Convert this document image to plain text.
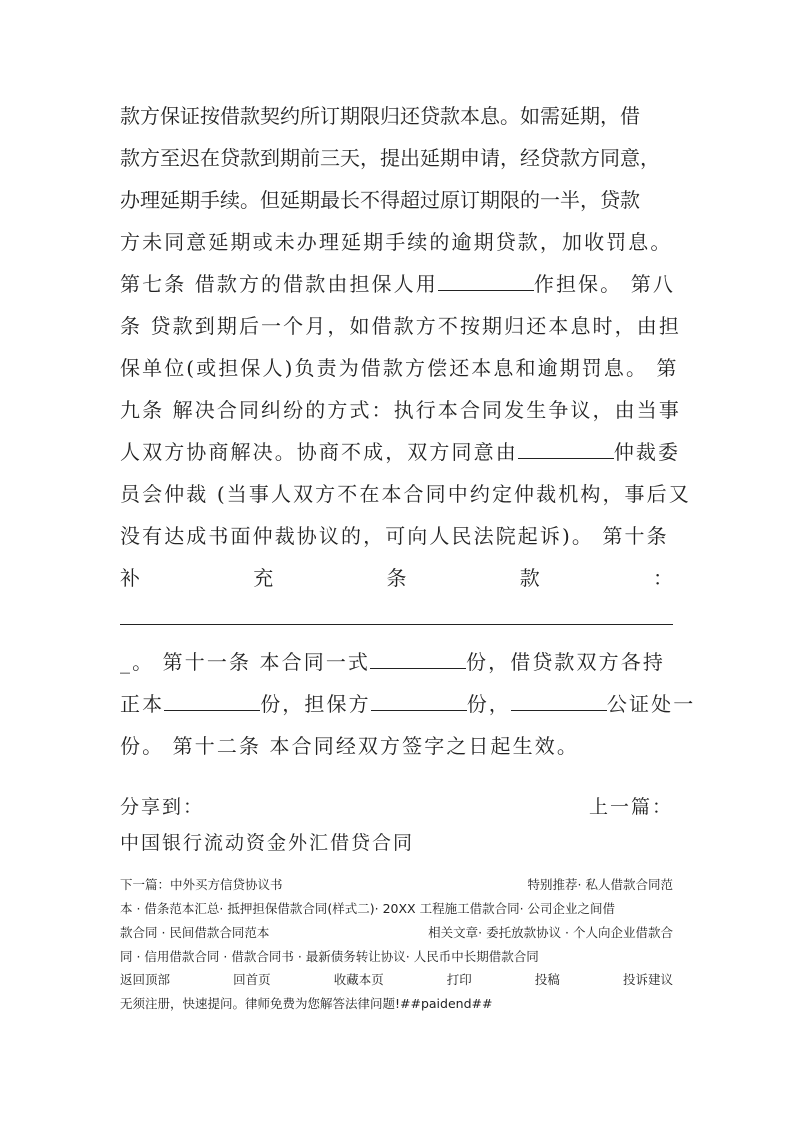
款方保证按借款契约所订期限归还贷款本息。如需延期，借
款方至迟在贷款到期前三天，提出延期申请，经贷款方同意，
办理延期手续。但延期最长不得超过原订期限的一半，贷款
方未同意延期或未办理延期手续的逾期贷款，加收罚息。
第七条 借款方的借款由担保人用	作担保。 第八
条 贷款到期后一个月，如借款方不按期归还本息时，由担
保单位(或担保人)负责为借款方偿还本息和逾期罚息。 第
九条 解决合同纠纷的方式：执行本合同发生争议，由当事
人双方协商解决。协商不成，双方同意由	仲裁委
员会仲裁 (当事人双方不在本合同中约定仲裁机构，事后又
没有达成书面仲裁协议的，可向人民法院起诉)。 第十条
补	充	条	款	：
_。 第十一条 本合同一式	份，借贷款双方各持
正本	份，担保方	份，	公证处一
份。 第十二条 本合同经双方签字之日起生效。
分享到：	上一篇：
中国银行流动资金外汇借贷合同
下一篇：中外买方信贷协议书	特别推荐· 私人借款合同范
本 · 借条范本汇总· 抵押担保借款合同(样式二)· 20XX 工程施工借款合同· 公司企业之间借
款合同 · 民间借款合同范本	相关文章· 委托放款协议 · 个人向企业借款合
同 · 信用借款合同 · 借款合同书 · 最新债务转让协议· 人民币中长期借款合同
返回顶部	回首页	收藏本页	打印	投稿	投诉建议
无须注册，快速提问。律师免费为您解答法律问题!##paidend##
